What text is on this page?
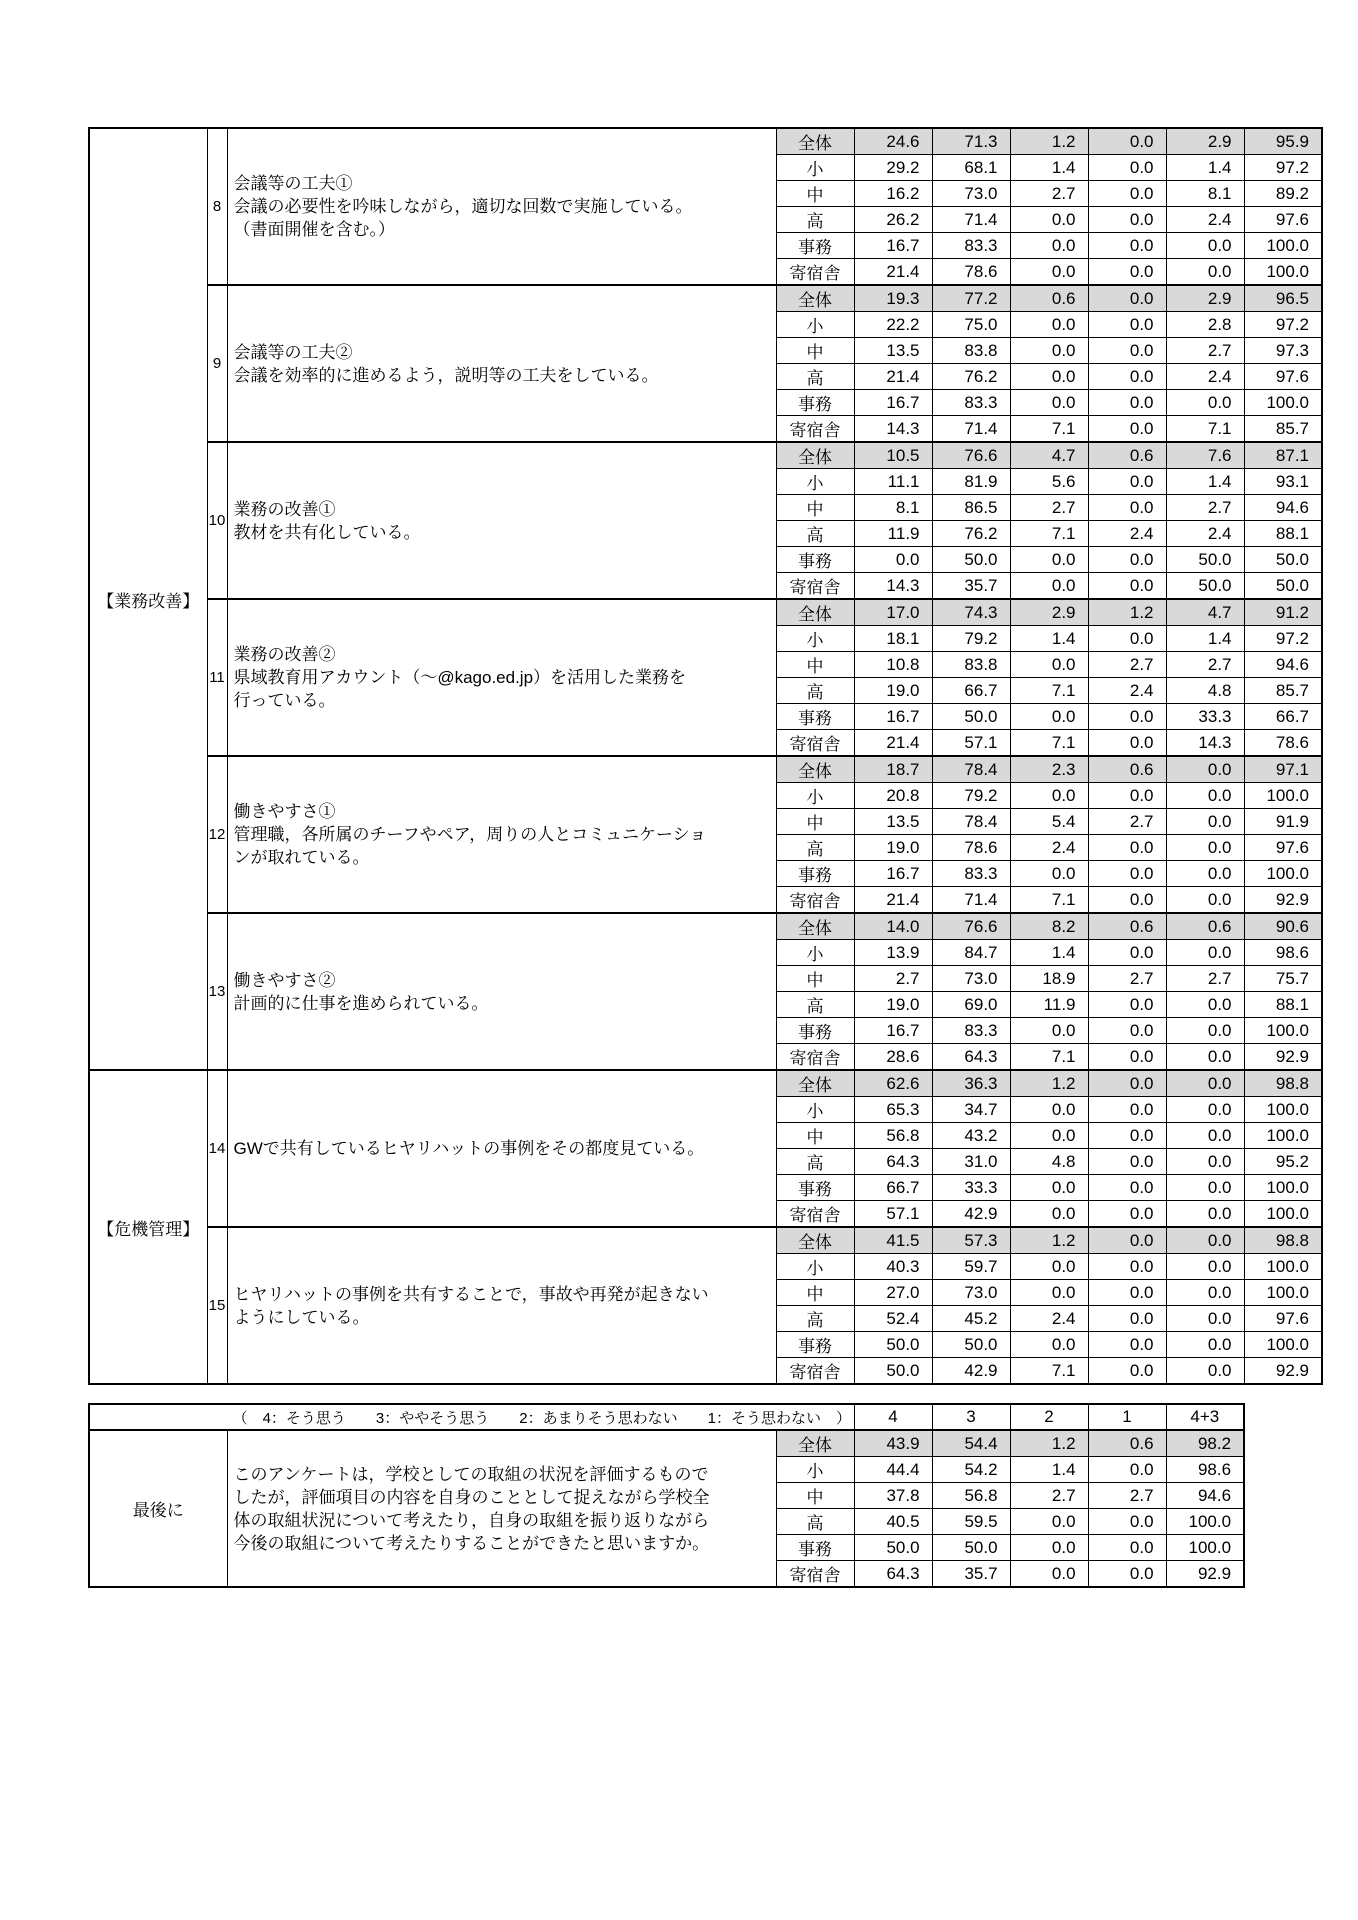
【業務改善】	8	会議等の工夫①
会議の必要性を吟味しながら，適切な回数で実施している。
（書面開催を含む。）	全体	24.6	71.3	1.2	0.0	2.9	95.9
			小	29.2	68.1	1.4	0.0	1.4	97.2
			中	16.2	73.0	2.7	0.0	8.1	89.2
			高	26.2	71.4	0.0	0.0	2.4	97.6
			事務	16.7	83.3	0.0	0.0	0.0	100.0
			寄宿舎	21.4	78.6	0.0	0.0	0.0	100.0
	9	会議等の工夫②
会議を効率的に進めるよう，説明等の工夫をしている。	全体	19.3	77.2	0.6	0.0	2.9	96.5
			小	22.2	75.0	0.0	0.0	2.8	97.2
			中	13.5	83.8	0.0	0.0	2.7	97.3
			高	21.4	76.2	0.0	0.0	2.4	97.6
			事務	16.7	83.3	0.0	0.0	0.0	100.0
			寄宿舎	14.3	71.4	7.1	0.0	7.1	85.7
	10	業務の改善①
教材を共有化している。	全体	10.5	76.6	4.7	0.6	7.6	87.1
			小	11.1	81.9	5.6	0.0	1.4	93.1
			中	8.1	86.5	2.7	0.0	2.7	94.6
			高	11.9	76.2	7.1	2.4	2.4	88.1
			事務	0.0	50.0	0.0	0.0	50.0	50.0
			寄宿舎	14.3	35.7	0.0	0.0	50.0	50.0
	11	業務の改善②
県域教育用アカウント（～@kago.ed.jp）を活用した業務を
行っている。	全体	17.0	74.3	2.9	1.2	4.7	91.2
			小	18.1	79.2	1.4	0.0	1.4	97.2
			中	10.8	83.8	0.0	2.7	2.7	94.6
			高	19.0	66.7	7.1	2.4	4.8	85.7
			事務	16.7	50.0	0.0	0.0	33.3	66.7
			寄宿舎	21.4	57.1	7.1	0.0	14.3	78.6
	12	働きやすさ①
管理職，各所属のチーフやペア，周りの人とコミュニケーショ
ンが取れている。	全体	18.7	78.4	2.3	0.6	0.0	97.1
			小	20.8	79.2	0.0	0.0	0.0	100.0
			中	13.5	78.4	5.4	2.7	0.0	91.9
			高	19.0	78.6	2.4	0.0	0.0	97.6
			事務	16.7	83.3	0.0	0.0	0.0	100.0
			寄宿舎	21.4	71.4	7.1	0.0	0.0	92.9
	13	働きやすさ②
計画的に仕事を進められている。	全体	14.0	76.6	8.2	0.6	0.6	90.6
			小	13.9	84.7	1.4	0.0	0.0	98.6
			中	2.7	73.0	18.9	2.7	2.7	75.7
			高	19.0	69.0	11.9	0.0	0.0	88.1
			事務	16.7	83.3	0.0	0.0	0.0	100.0
			寄宿舎	28.6	64.3	7.1	0.0	0.0	92.9
【危機管理】	14	GWで共有しているヒヤリハットの事例をその都度見ている。	全体	62.6	36.3	1.2	0.0	0.0	98.8
			小	65.3	34.7	0.0	0.0	0.0	100.0
			中	56.8	43.2	0.0	0.0	0.0	100.0
			高	64.3	31.0	4.8	0.0	0.0	95.2
			事務	66.7	33.3	0.0	0.0	0.0	100.0
			寄宿舎	57.1	42.9	0.0	0.0	0.0	100.0
	15	ヒヤリハットの事例を共有することで，事故や再発が起きない
ようにしている。	全体	41.5	57.3	1.2	0.0	0.0	98.8
			小	40.3	59.7	0.0	0.0	0.0	100.0
			中	27.0	73.0	0.0	0.0	0.0	100.0
			高	52.4	45.2	2.4	0.0	0.0	97.6
			事務	50.0	50.0	0.0	0.0	0.0	100.0
			寄宿舎	50.0	42.9	7.1	0.0	0.0	92.9
（　4：そう思う　　3：ややそう思う　　2：あまりそう思わない　　1：そう思わない　）			4	3	2	1	4+3
最後に	このアンケートは，学校としての取組の状況を評価するもので
したが，評価項目の内容を自身のこととして捉えながら学校全
体の取組状況について考えたり，自身の取組を振り返りながら
今後の取組について考えたりすることができたと思いますか。	全体	43.9	54.4	1.2	0.6	98.2
		小	44.4	54.2	1.4	0.0	98.6
		中	37.8	56.8	2.7	2.7	94.6
		高	40.5	59.5	0.0	0.0	100.0
		事務	50.0	50.0	0.0	0.0	100.0
		寄宿舎	64.3	35.7	0.0	0.0	92.9
